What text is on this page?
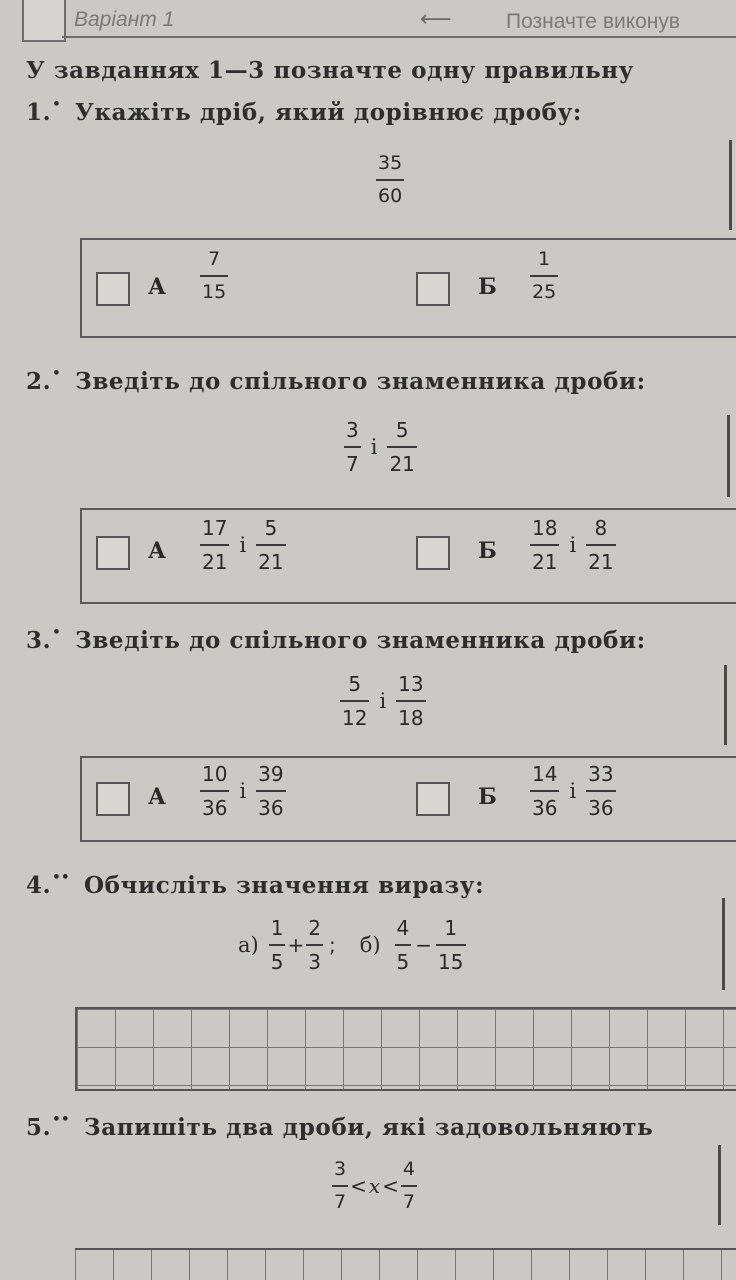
Варіант 1	⟵	Позначте виконув
У завданнях 1—3 позначте одну правильну
1.• Укажіть дріб, який дорівнює дробу:
$\frac{35}{60}$
А $\frac{7}{15}$	Б $\frac{1}{25}$
2.• Зведіть до спільного знаменника дроби:
$\frac{3}{7}$ і $\frac{5}{21}$
А $\frac{17}{21}$ і $\frac{5}{21}$	Б $\frac{18}{21}$ і $\frac{8}{21}$
3.• Зведіть до спільного знаменника дроби:
$\frac{5}{12}$ і $\frac{13}{18}$
А $\frac{10}{36}$ і $\frac{39}{36}$	Б $\frac{14}{36}$ і $\frac{33}{36}$
4.•• Обчисліть значення виразу:
$а) \frac{1}{5} + \frac{2}{3}$ ; $б) \frac{4}{5} - \frac{1}{15}$
5.•• Запишіть два дроби, які задовольняють
$\frac{3}{7} < x < \frac{4}{7}$
